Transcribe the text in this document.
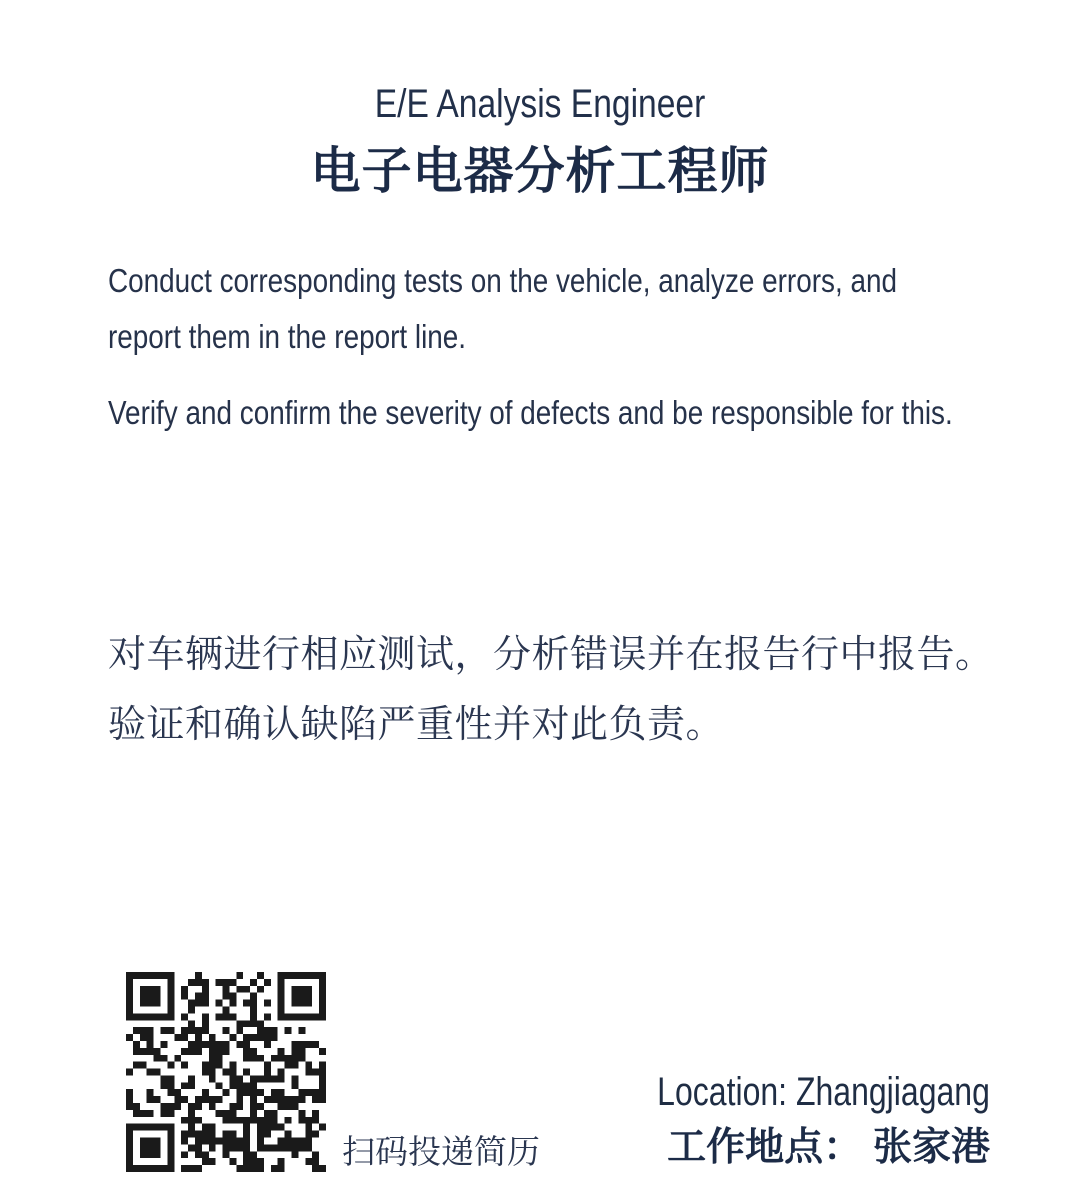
E/E Analysis Engineer
电子电器分析工程师
Conduct corresponding tests on the vehicle, analyze errors, and report them in the report line.
Verify and confirm the severity of defects and be responsible for this.
对车辆进行相应测试，分析错误并在报告行中报告。
验证和确认缺陷严重性并对此负责。
扫码投递简历
Location: Zhangjiagang
工作地点： 张家港
